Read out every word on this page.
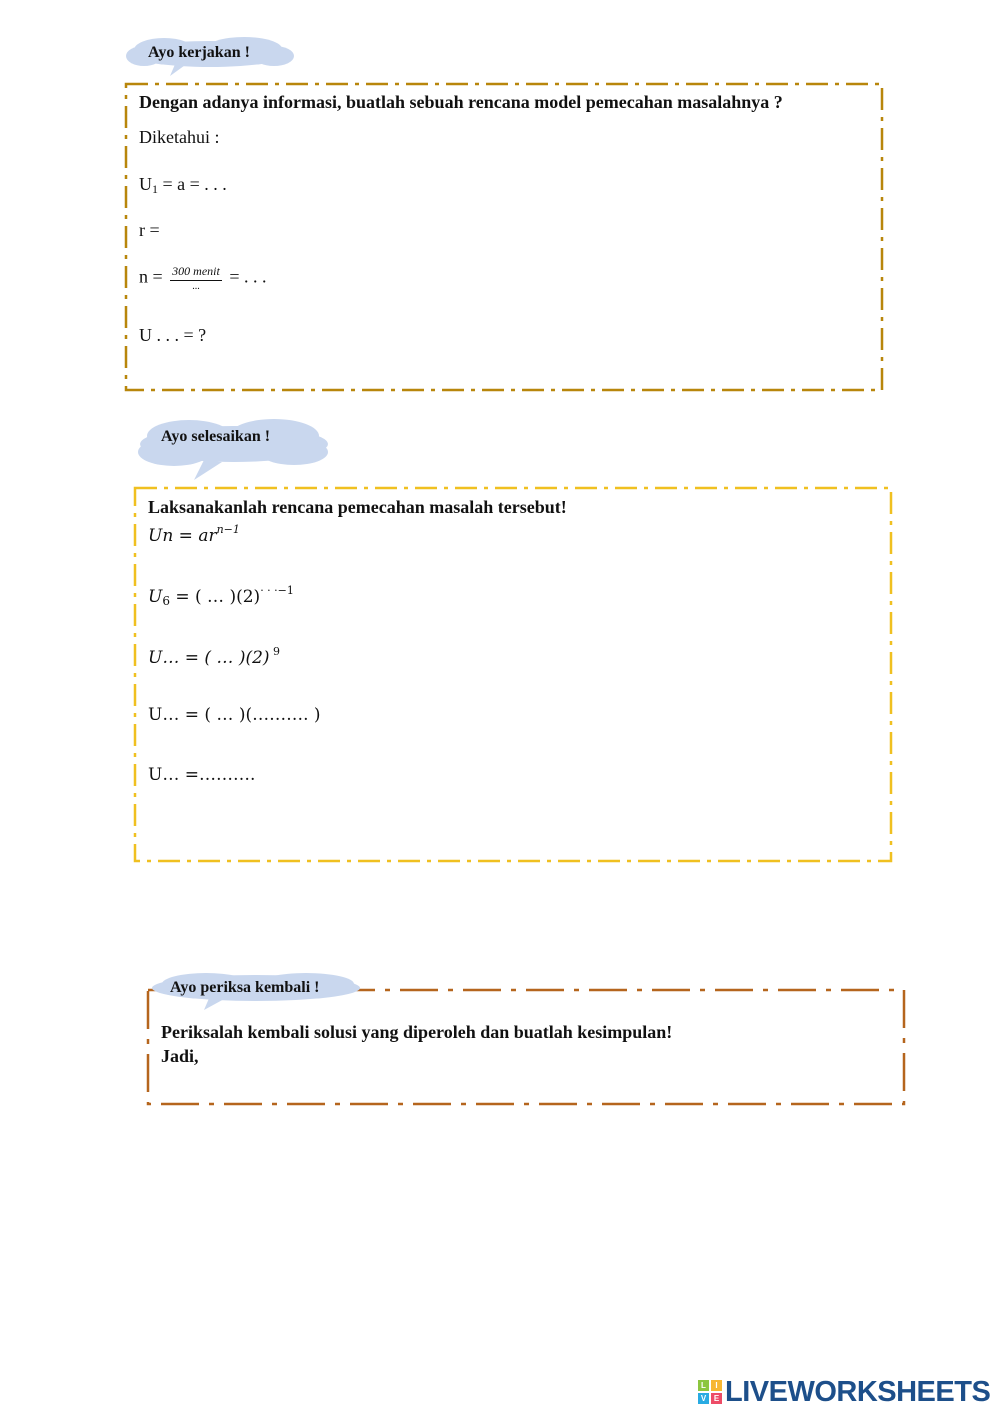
Ayo kerjakan !
Dengan adanya informasi, buatlah sebuah rencana model pemecahan masalahnya ?
Diketahui :
$U_1 = a$ = . . .
r =
$n = \frac{\text{300 menit}}{...}$ = . . .
U . . . = ?
Ayo selesaikan !
Laksanakanlah rencana pemecahan masalah tersebut!
$Un = ar^{n-1}$
$U_6$ = ( … )$(2)^{\cdot \cdot \cdot-1}$
U… = ( … )(2) $^9$
U… = ( … )(………. )
U… =……….
Ayo periksa kembali !
Periksalah kembali solusi yang diperoleh dan buatlah kesimpulan!
Jadi,
L	I
V E LIVEWORKSHEETS
